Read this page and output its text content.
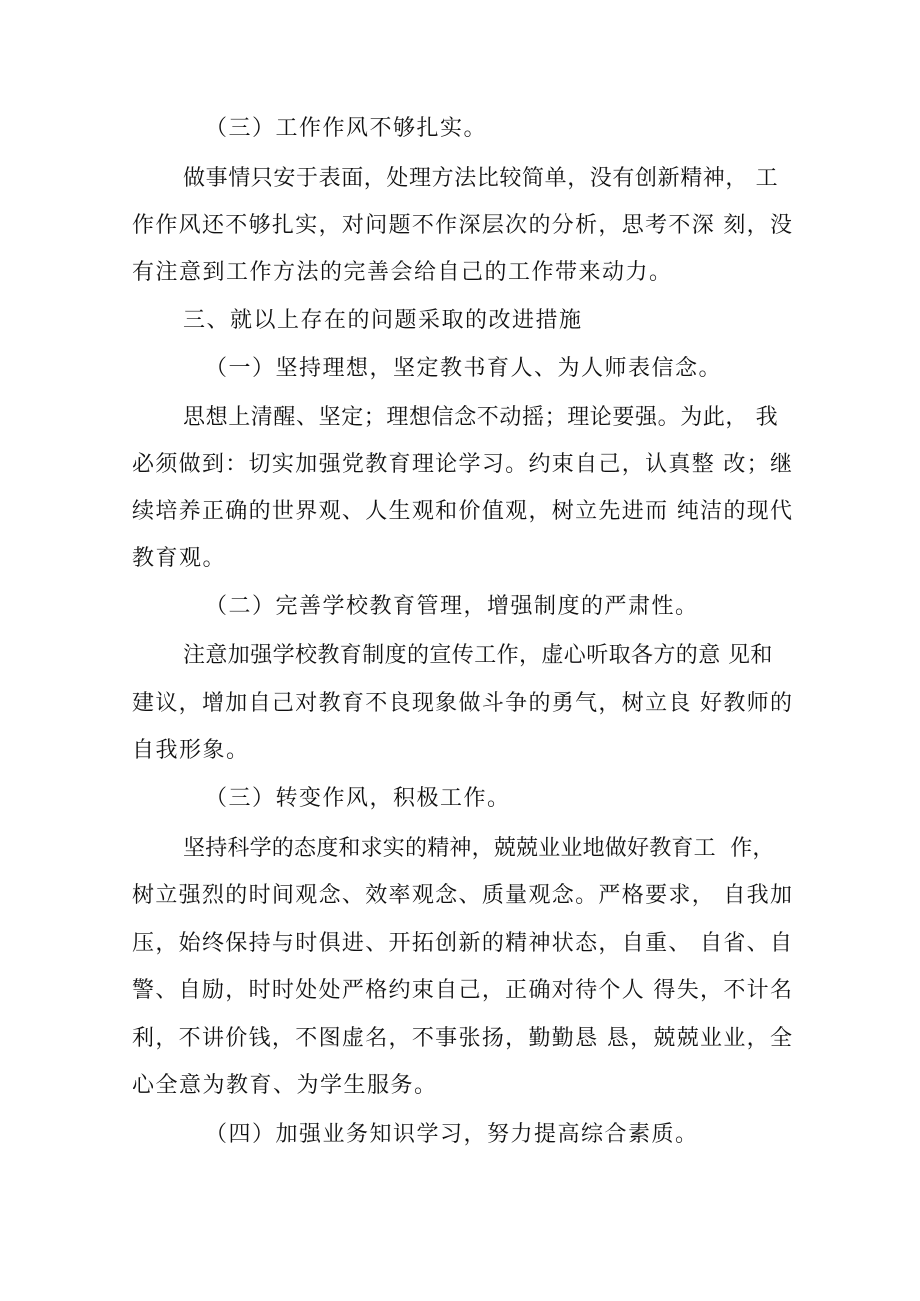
（三）工作作风不够扎实。
做事情只安于表面，处理方法比较简单，没有创新精神， 工
作作风还不够扎实，对问题不作深层次的分析，思考不深 刻，没
有注意到工作方法的完善会给自己的工作带来动力。
三、就以上存在的问题采取的改进措施
（一）坚持理想，坚定教书育人、为人师表信念。
思想上清醒、坚定；理想信念不动摇；理论要强。为此， 我
必须做到：切实加强党教育理论学习。约束自己，认真整 改；继
续培养正确的世界观、人生观和价值观，树立先进而 纯洁的现代
教育观。
（二）完善学校教育管理，增强制度的严肃性。
注意加强学校教育制度的宣传工作，虚心听取各方的意 见和
建议，增加自己对教育不良现象做斗争的勇气，树立良 好教师的
自我形象。
（三）转变作风，积极工作。
坚持科学的态度和求实的精神，兢兢业业地做好教育工  作，
树立强烈的时间观念、效率观念、质量观念。严格要求， 自我加
压，始终保持与时俱进、开拓创新的精神状态，自重、 自省、自
警、自励，时时处处严格约束自己，正确对待个人 得失，不计名
利，不讲价钱，不图虚名，不事张扬，勤勤恳 恳，兢兢业业，全
心全意为教育、为学生服务。
（四）加强业务知识学习，努力提高综合素质。
